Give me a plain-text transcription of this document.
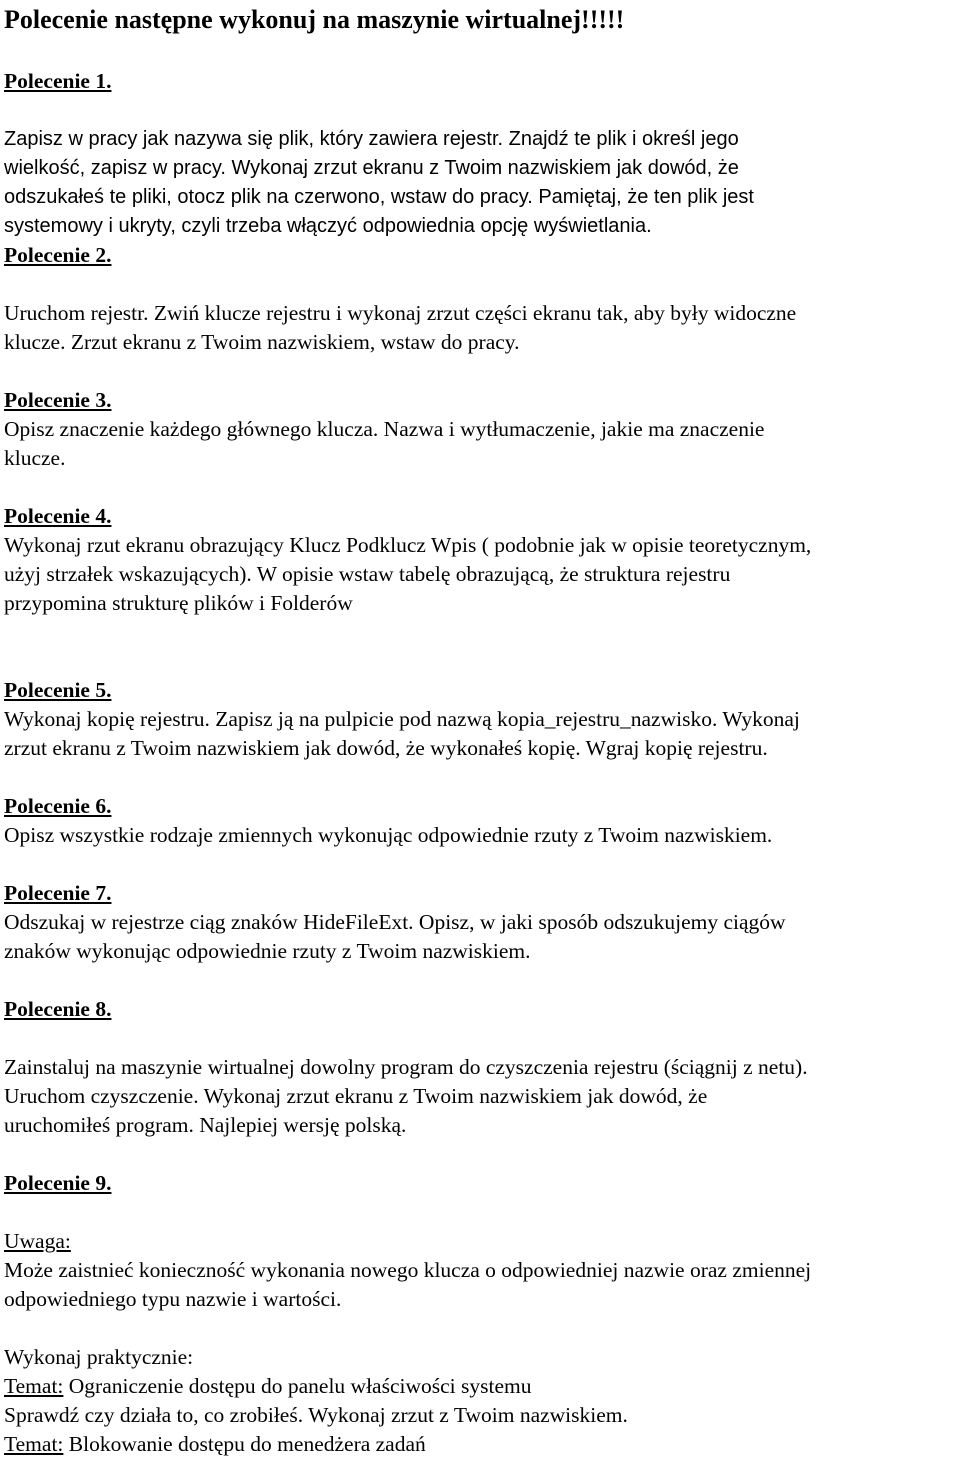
Polecenie następne wykonuj na maszynie wirtualnej!!!!!
Polecenie 1.
Zapisz w pracy jak nazywa się plik, który zawiera rejestr. Znajdź te plik i określ jego
wielkość, zapisz w pracy. Wykonaj zrzut ekranu z Twoim nazwiskiem jak dowód, że
odszukałeś te pliki, otocz plik na czerwono, wstaw do pracy. Pamiętaj, że ten plik jest
systemowy i ukryty, czyli trzeba włączyć odpowiednia opcję wyświetlania.
Polecenie 2.
Uruchom rejestr. Zwiń klucze rejestru i wykonaj zrzut części ekranu tak, aby były widoczne
klucze. Zrzut ekranu z Twoim nazwiskiem, wstaw do pracy.
Polecenie 3.
Opisz znaczenie każdego głównego klucza. Nazwa i wytłumaczenie, jakie ma znaczenie
klucze.
Polecenie 4.
Wykonaj rzut ekranu obrazujący Klucz Podklucz Wpis ( podobnie jak w opisie teoretycznym,
użyj strzałek wskazujących). W opisie wstaw tabelę obrazującą, że struktura rejestru
przypomina strukturę plików i Folderów
Polecenie 5.
Wykonaj kopię rejestru. Zapisz ją na pulpicie pod nazwą kopia_rejestru_nazwisko. Wykonaj
zrzut ekranu z Twoim nazwiskiem jak dowód, że wykonałeś kopię. Wgraj kopię rejestru.
Polecenie 6.
Opisz wszystkie rodzaje zmiennych wykonując odpowiednie rzuty z Twoim nazwiskiem.
Polecenie 7.
Odszukaj w rejestrze ciąg znaków HideFileExt. Opisz, w jaki sposób odszukujemy ciągów
znaków wykonując odpowiednie rzuty z Twoim nazwiskiem.
Polecenie 8.
Zainstaluj na maszynie wirtualnej dowolny program do czyszczenia rejestru (ściągnij z netu).
Uruchom czyszczenie. Wykonaj zrzut ekranu z Twoim nazwiskiem jak dowód, że
uruchomiłeś program. Najlepiej wersję polską.
Polecenie 9.
Uwaga:
Może zaistnieć konieczność wykonania nowego klucza o odpowiedniej nazwie oraz zmiennej
odpowiedniego typu nazwie i wartości.
Wykonaj praktycznie:
Temat: Ograniczenie dostępu do panelu właściwości systemu
Sprawdź czy działa to, co zrobiłeś. Wykonaj zrzut z Twoim nazwiskiem.
Temat: Blokowanie dostępu do menedżera zadań
